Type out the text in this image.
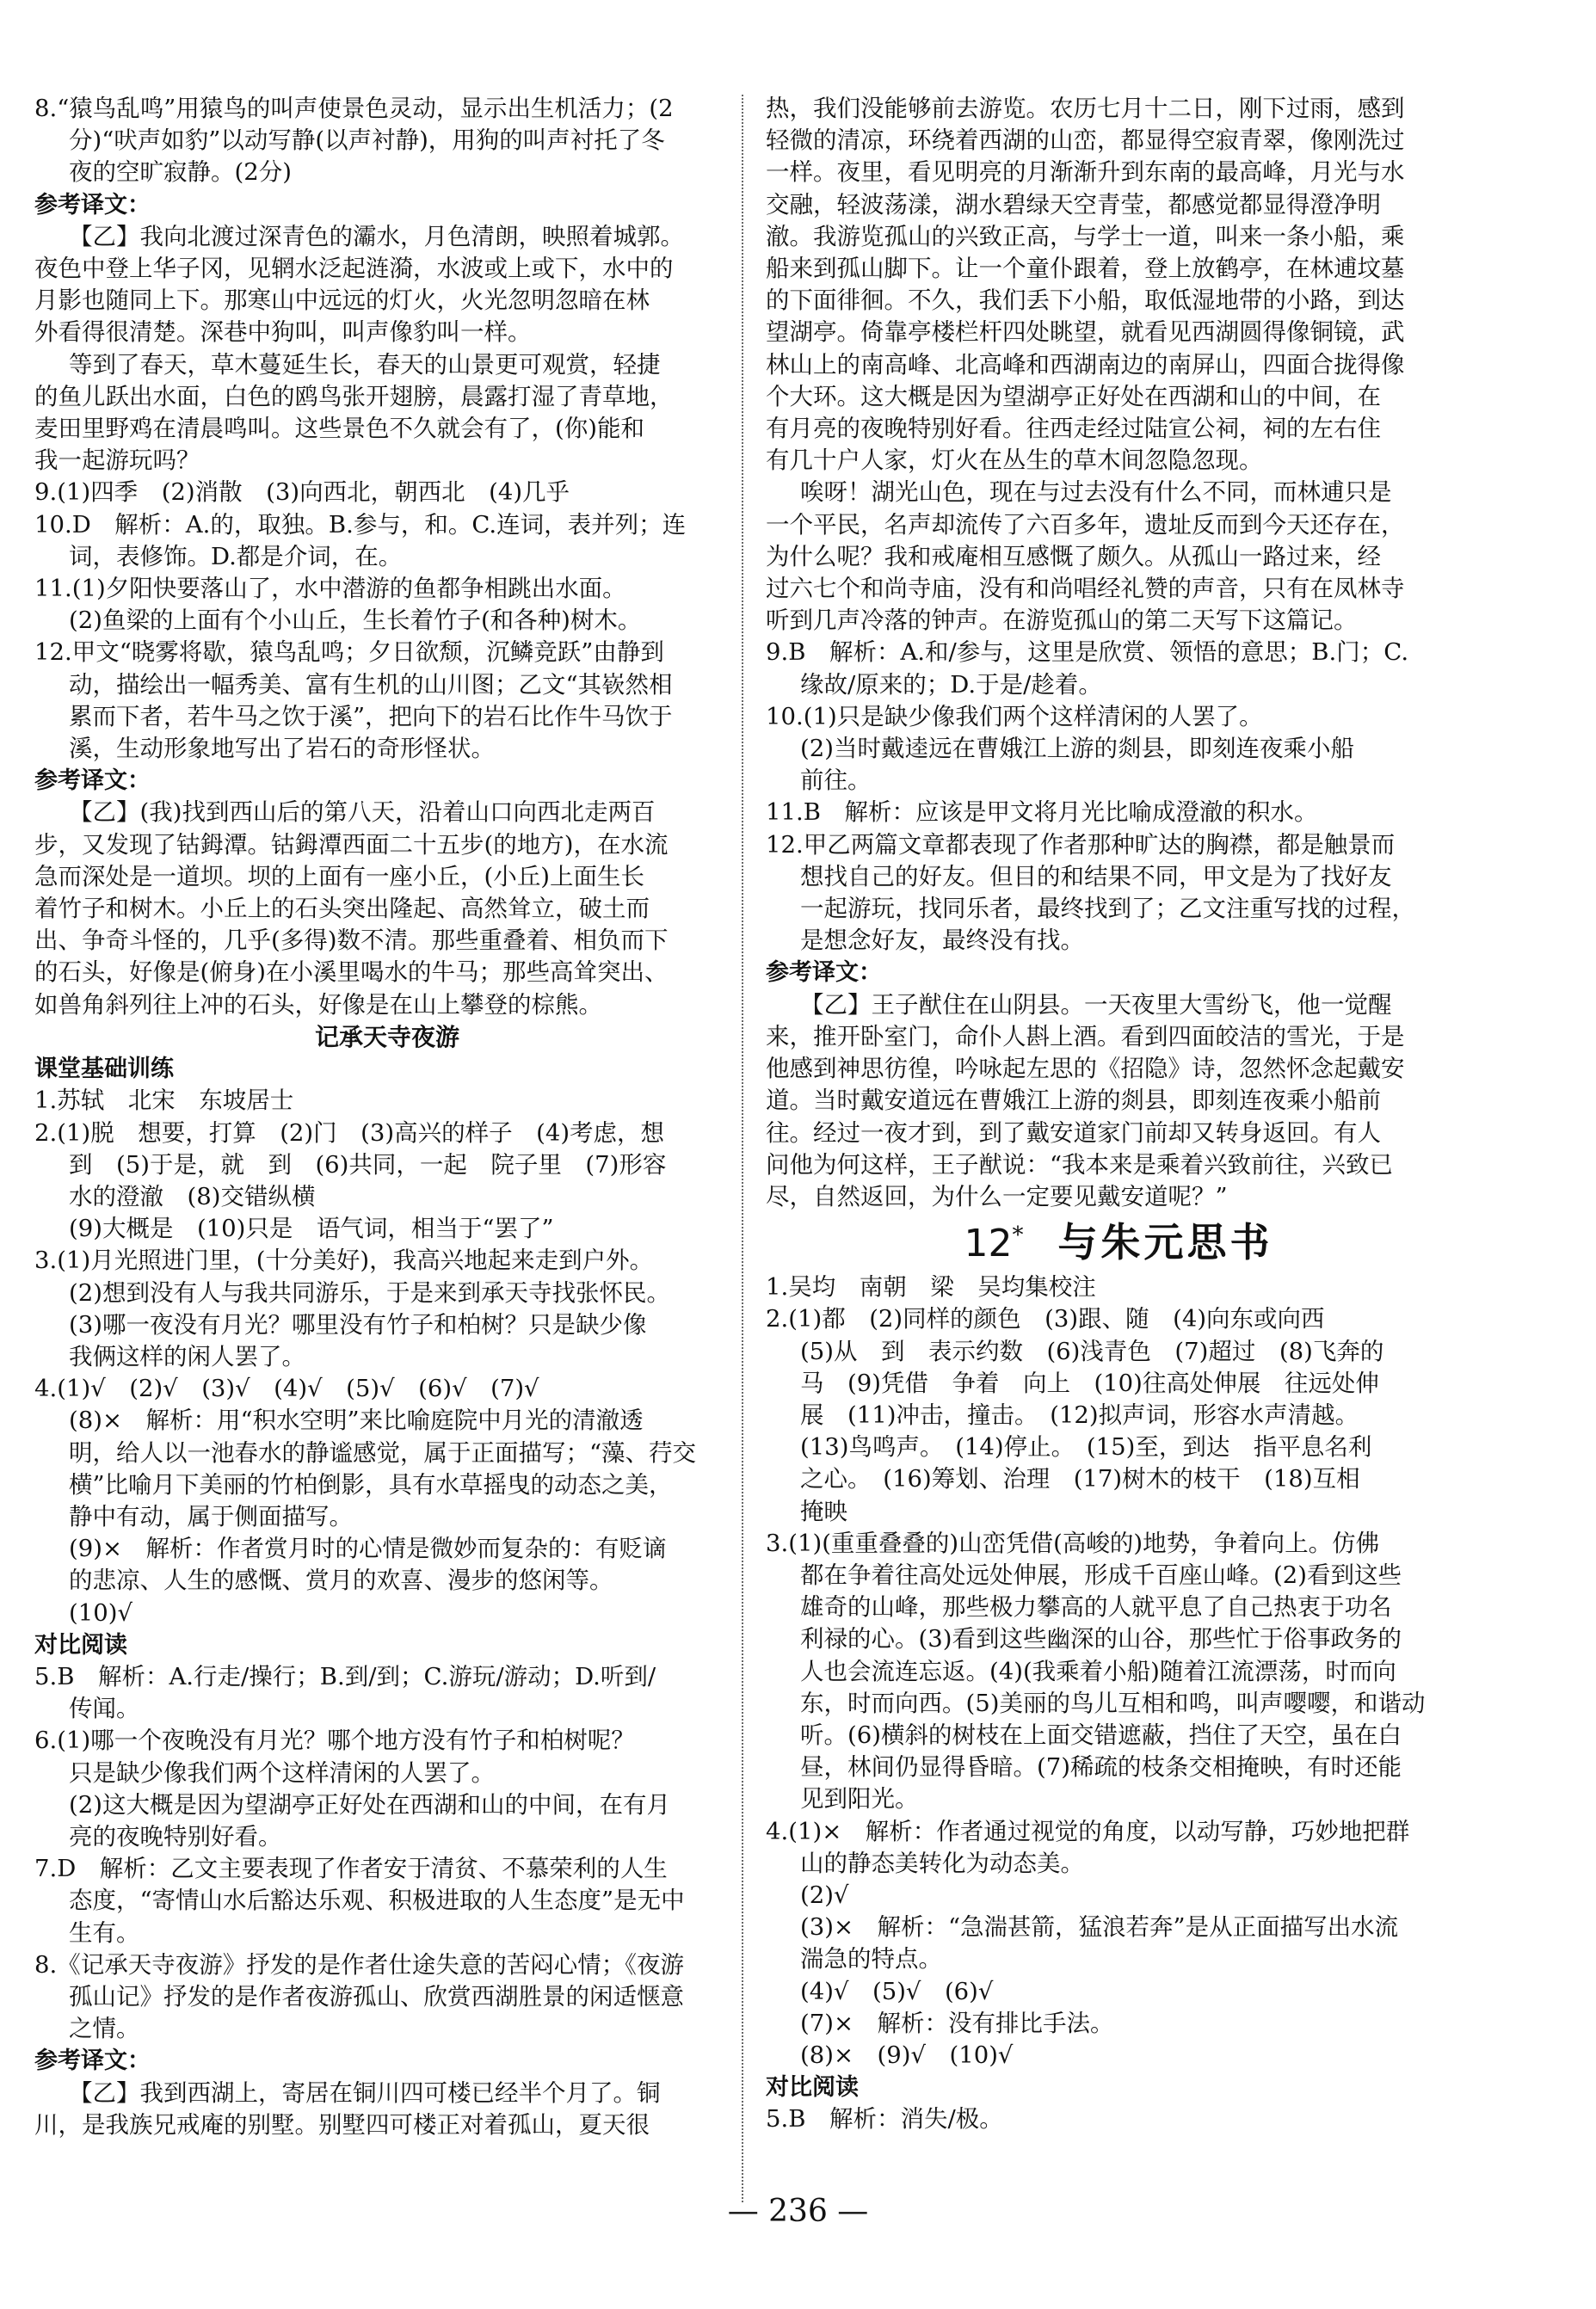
8.“猿鸟乱鸣”用猿鸟的叫声使景色灵动，显示出生机活力；(2
分)“吠声如豹”以动写静(以声衬静)，用狗的叫声衬托了冬
夜的空旷寂静。(2分)
参考译文：
【乙】我向北渡过深青色的灞水，月色清朗，映照着城郭。
夜色中登上华子冈，见辋水泛起涟漪，水波或上或下，水中的
月影也随同上下。那寒山中远远的灯火，火光忽明忽暗在林
外看得很清楚。深巷中狗叫，叫声像豹叫一样。
等到了春天，草木蔓延生长，春天的山景更可观赏，轻捷
的鱼儿跃出水面，白色的鸥鸟张开翅膀，晨露打湿了青草地，
麦田里野鸡在清晨鸣叫。这些景色不久就会有了，(你)能和
我一起游玩吗？
9.(1)四季　(2)消散　(3)向西北，朝西北　(4)几乎
10.D　解析：A.的，取独。B.参与，和。C.连词，表并列；连
词，表修饰。D.都是介词，在。
11.(1)夕阳快要落山了，水中潜游的鱼都争相跳出水面。
(2)鱼梁的上面有个小山丘，生长着竹子(和各种)树木。
12.甲文“晓雾将歇，猿鸟乱鸣；夕日欲颓，沉鳞竞跃”由静到
动，描绘出一幅秀美、富有生机的山川图；乙文“其嵚然相
累而下者，若牛马之饮于溪”，把向下的岩石比作牛马饮于
溪，生动形象地写出了岩石的奇形怪状。
参考译文：
【乙】(我)找到西山后的第八天，沿着山口向西北走两百
步，又发现了钴鉧潭。钴鉧潭西面二十五步(的地方)，在水流
急而深处是一道坝。坝的上面有一座小丘，(小丘)上面生长
着竹子和树木。小丘上的石头突出隆起、高然耸立，破土而
出、争奇斗怪的，几乎(多得)数不清。那些重叠着、相负而下
的石头，好像是(俯身)在小溪里喝水的牛马；那些高耸突出、
如兽角斜列往上冲的石头，好像是在山上攀登的棕熊。
记承天寺夜游
课堂基础训练
1.苏轼　北宋　东坡居士
2.(1)脱　想要，打算　(2)门　(3)高兴的样子　(4)考虑，想
到　(5)于是，就　到　(6)共同，一起　院子里　(7)形容
水的澄澈　(8)交错纵横
(9)大概是　(10)只是　语气词，相当于“罢了”
3.(1)月光照进门里，(十分美好)，我高兴地起来走到户外。
(2)想到没有人与我共同游乐，于是来到承天寺找张怀民。
(3)哪一夜没有月光？哪里没有竹子和柏树？只是缺少像
我俩这样的闲人罢了。
4.(1)√　(2)√　(3)√　(4)√　(5)√　(6)√　(7)√
(8)×　解析：用“积水空明”来比喻庭院中月光的清澈透
明，给人以一池春水的静谧感觉，属于正面描写；“藻、荇交
横”比喻月下美丽的竹柏倒影，具有水草摇曳的动态之美，
静中有动，属于侧面描写。
(9)×　解析：作者赏月时的心情是微妙而复杂的：有贬谪
的悲凉、人生的感慨、赏月的欢喜、漫步的悠闲等。
(10)√
对比阅读
5.B　解析：A.行走/操行；B.到/到；C.游玩/游动；D.听到/
传闻。
6.(1)哪一个夜晚没有月光？哪个地方没有竹子和柏树呢？
只是缺少像我们两个这样清闲的人罢了。
(2)这大概是因为望湖亭正好处在西湖和山的中间，在有月
亮的夜晚特别好看。
7.D　解析：乙文主要表现了作者安于清贫、不慕荣利的人生
态度，“寄情山水后豁达乐观、积极进取的人生态度”是无中
生有。
8.《记承天寺夜游》抒发的是作者仕途失意的苦闷心情；《夜游
孤山记》抒发的是作者夜游孤山、欣赏西湖胜景的闲适惬意
之情。
参考译文：
【乙】我到西湖上，寄居在铜川四可楼已经半个月了。铜
川，是我族兄戒庵的别墅。别墅四可楼正对着孤山，夏天很
热，我们没能够前去游览。农历七月十二日，刚下过雨，感到
轻微的清凉，环绕着西湖的山峦，都显得空寂青翠，像刚洗过
一样。夜里，看见明亮的月渐渐升到东南的最高峰，月光与水
交融，轻波荡漾，湖水碧绿天空青莹，都感觉都显得澄净明
澈。我游览孤山的兴致正高，与学士一道，叫来一条小船，乘
船来到孤山脚下。让一个童仆跟着，登上放鹤亭，在林逋坟墓
的下面徘徊。不久，我们丢下小船，取低湿地带的小路，到达
望湖亭。倚靠亭楼栏杆四处眺望，就看见西湖圆得像铜镜，武
林山上的南高峰、北高峰和西湖南边的南屏山，四面合拢得像
个大环。这大概是因为望湖亭正好处在西湖和山的中间，在
有月亮的夜晚特别好看。往西走经过陆宣公祠，祠的左右住
有几十户人家，灯火在丛生的草木间忽隐忽现。
唉呀！湖光山色，现在与过去没有什么不同，而林逋只是
一个平民，名声却流传了六百多年，遗址反而到今天还存在，
为什么呢？我和戒庵相互感慨了颇久。从孤山一路过来，经
过六七个和尚寺庙，没有和尚唱经礼赞的声音，只有在凤林寺
听到几声冷落的钟声。在游览孤山的第二天写下这篇记。
9.B　解析：A.和/参与，这里是欣赏、领悟的意思；B.门；C.
缘故/原来的；D.于是/趁着。
10.(1)只是缺少像我们两个这样清闲的人罢了。
(2)当时戴逵远在曹娥江上游的剡县，即刻连夜乘小船
前往。
11.B　解析：应该是甲文将月光比喻成澄澈的积水。
12.甲乙两篇文章都表现了作者那种旷达的胸襟，都是触景而
想找自己的好友。但目的和结果不同，甲文是为了找好友
一起游玩，找同乐者，最终找到了；乙文注重写找的过程，
是想念好友，最终没有找。
参考译文：
【乙】王子猷住在山阴县。一天夜里大雪纷飞，他一觉醒
来，推开卧室门，命仆人斟上酒。看到四面皎洁的雪光，于是
他感到神思彷徨，吟咏起左思的《招隐》诗，忽然怀念起戴安
道。当时戴安道远在曹娥江上游的剡县，即刻连夜乘小船前
往。经过一夜才到，到了戴安道家门前却又转身返回。有人
问他为何这样，王子猷说：“我本来是乘着兴致前往，兴致已
尽，自然返回，为什么一定要见戴安道呢？”
12* 与朱元思书
1.吴均　南朝　梁　吴均集校注
2.(1)都　(2)同样的颜色　(3)跟、随　(4)向东或向西
(5)从　到　表示约数　(6)浅青色　(7)超过　(8)飞奔的
马　(9)凭借　争着　向上　(10)往高处伸展　往远处伸
展　(11)冲击，撞击。　(12)拟声词，形容水声清越。
(13)鸟鸣声。　(14)停止。　(15)至，到达　指平息名利
之心。　(16)筹划、治理　(17)树木的枝干　(18)互相
掩映
3.(1)(重重叠叠的)山峦凭借(高峻的)地势，争着向上。仿佛
都在争着往高处远处伸展，形成千百座山峰。(2)看到这些
雄奇的山峰，那些极力攀高的人就平息了自己热衷于功名
利禄的心。(3)看到这些幽深的山谷，那些忙于俗事政务的
人也会流连忘返。(4)(我乘着小船)随着江流漂荡，时而向
东，时而向西。(5)美丽的鸟儿互相和鸣，叫声嘤嘤，和谐动
听。(6)横斜的树枝在上面交错遮蔽，挡住了天空，虽在白
昼，林间仍显得昏暗。(7)稀疏的枝条交相掩映，有时还能
见到阳光。
4.(1)×　解析：作者通过视觉的角度，以动写静，巧妙地把群
山的静态美转化为动态美。
(2)√
(3)×　解析：“急湍甚箭，猛浪若奔”是从正面描写出水流
湍急的特点。
(4)√　(5)√　(6)√
(7)×　解析：没有排比手法。
(8)×　(9)√　(10)√
对比阅读
5.B　解析：消失/极。
— 236 —
